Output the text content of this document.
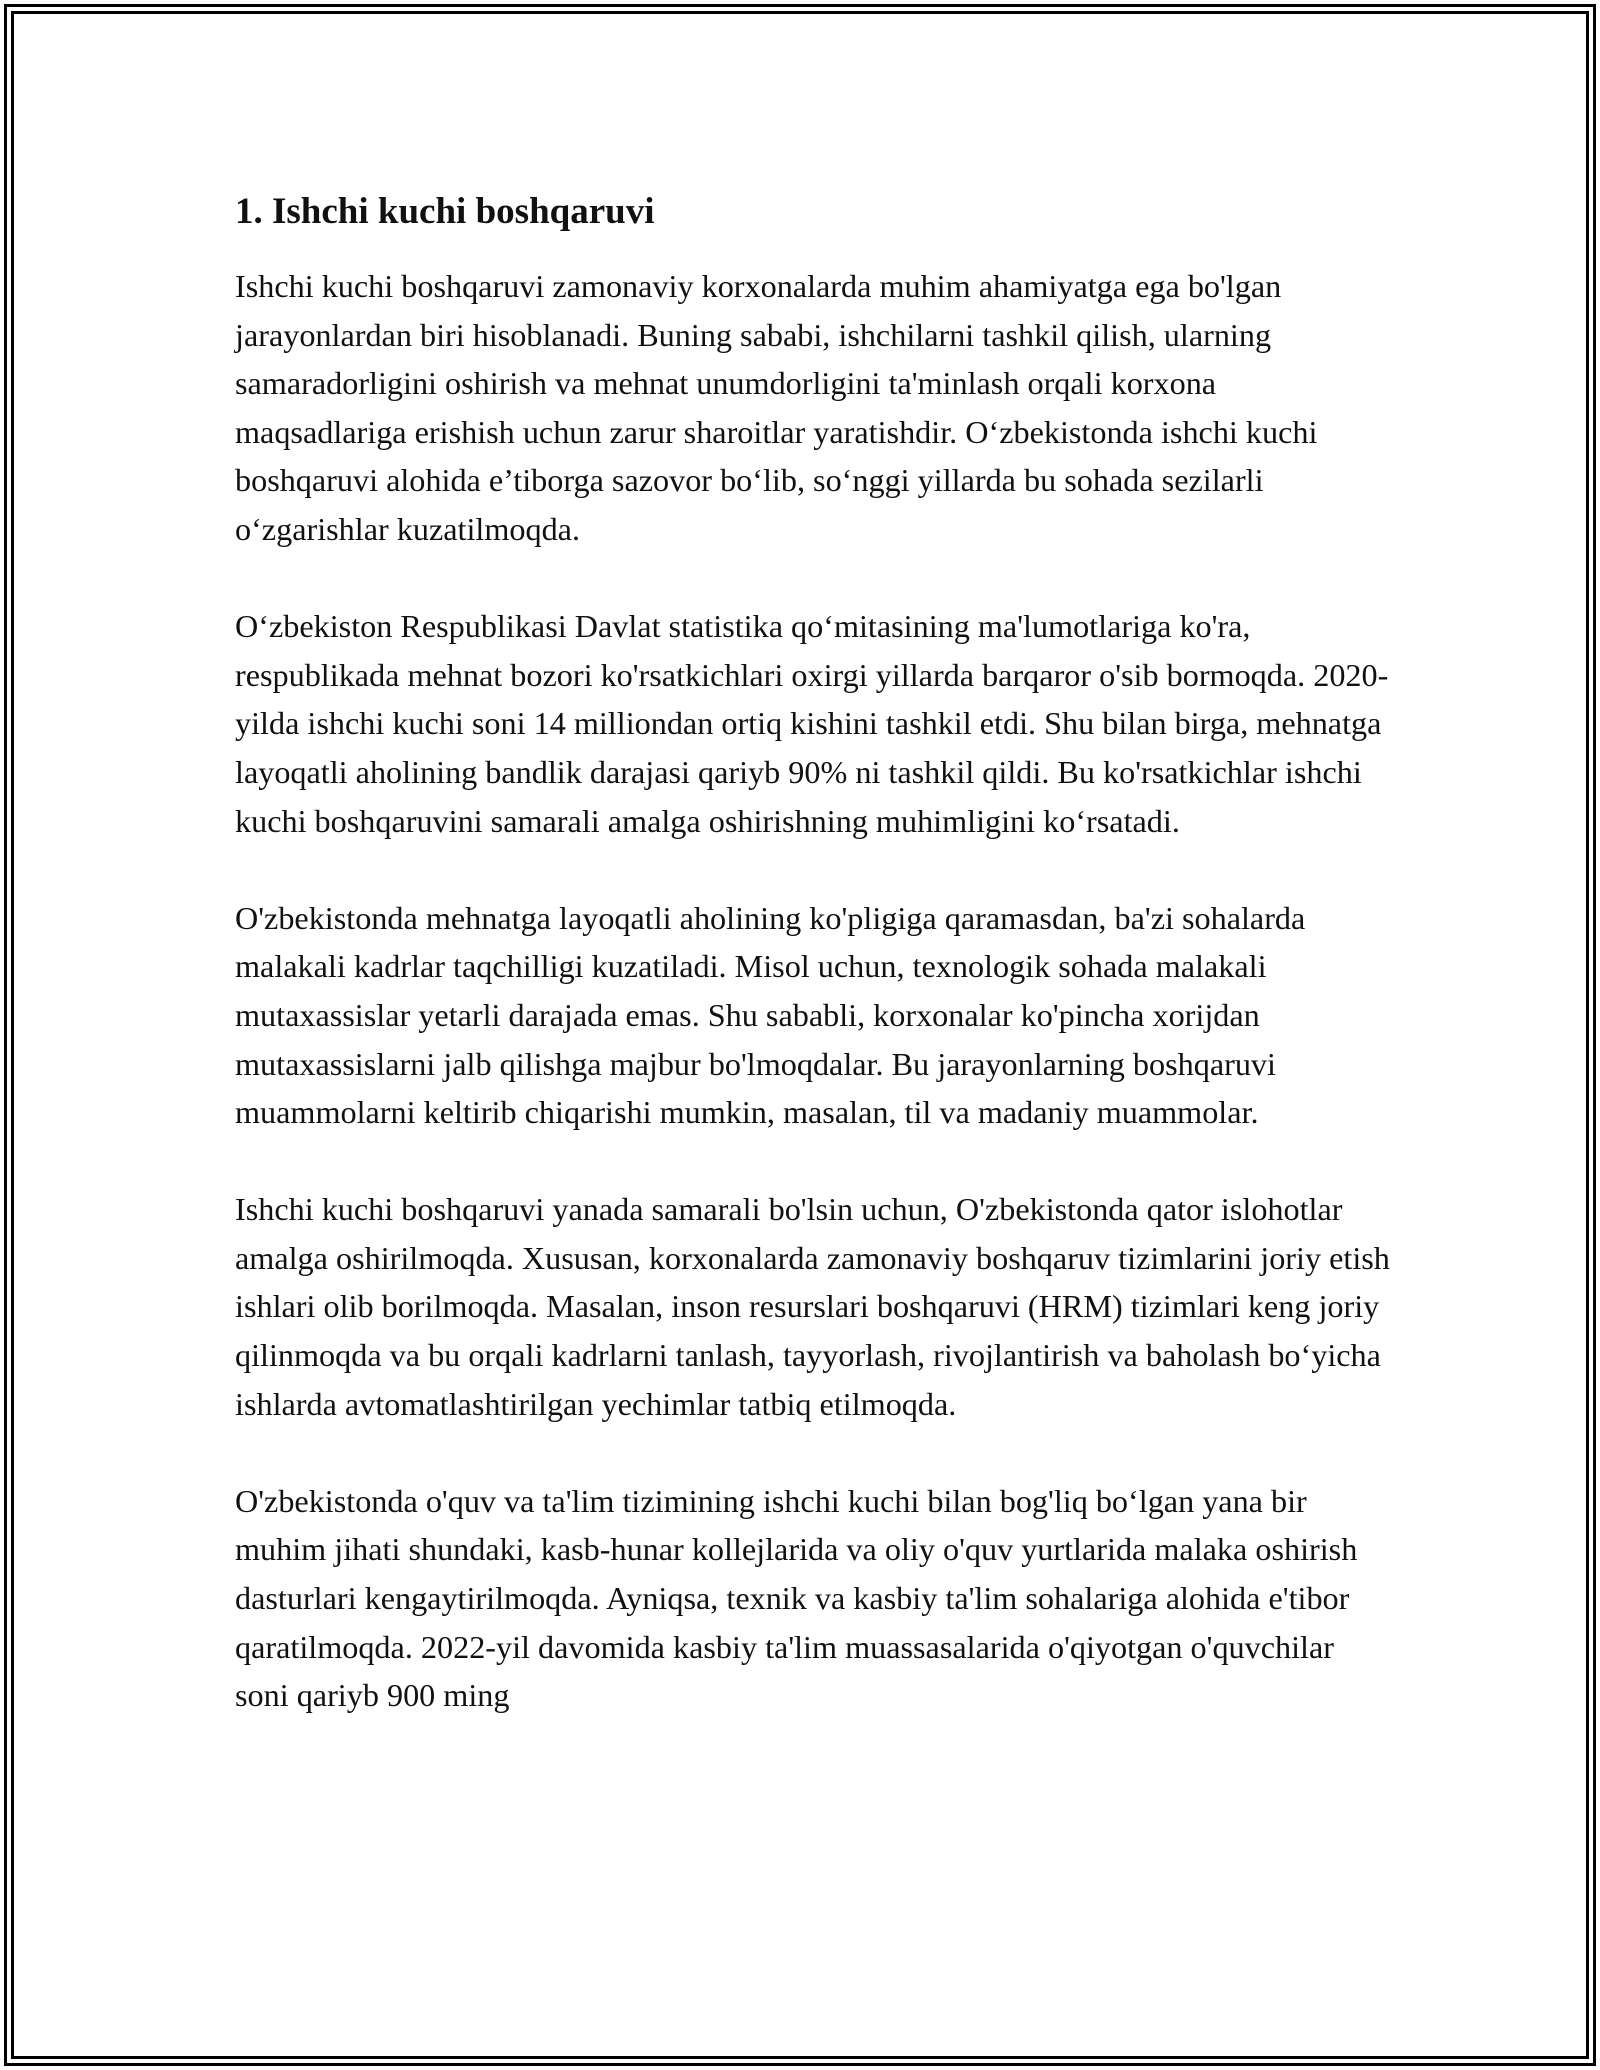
1. Ishchi kuchi boshqaruvi

Ishchi kuchi boshqaruvi zamonaviy korxonalarda muhim ahamiyatga ega bo'lgan jarayonlardan biri hisoblanadi. Buning sababi, ishchilarni tashkil qilish, ularning samaradorligini oshirish va mehnat unumdorligini ta'minlash orqali korxona maqsadlariga erishish uchun zarur sharoitlar yaratishdir. O‘zbekistonda ishchi kuchi boshqaruvi alohida e’tiborga sazovor bo‘lib, so‘nggi yillarda bu sohada sezilarli o‘zgarishlar kuzatilmoqda.

O‘zbekiston Respublikasi Davlat statistika qo‘mitasining ma'lumotlariga ko'ra, respublikada mehnat bozori ko'rsatkichlari oxirgi yillarda barqaror o'sib bormoqda. 2020-yilda ishchi kuchi soni 14 milliondan ortiq kishini tashkil etdi. Shu bilan birga, mehnatga layoqatli aholining bandlik darajasi qariyb 90% ni tashkil qildi. Bu ko'rsatkichlar ishchi kuchi boshqaruvini samarali amalga oshirishning muhimligini ko‘rsatadi.

O'zbekistonda mehnatga layoqatli aholining ko'pligiga qaramasdan, ba'zi sohalarda malakali kadrlar taqchilligi kuzatiladi. Misol uchun, texnologik sohada malakali mutaxassislar yetarli darajada emas. Shu sababli, korxonalar ko'pincha xorijdan mutaxassislarni jalb qilishga majbur bo'lmoqdalar. Bu jarayonlarning boshqaruvi muammolarni keltirib chiqarishi mumkin, masalan, til va madaniy muammolar.

Ishchi kuchi boshqaruvi yanada samarali bo'lsin uchun, O'zbekistonda qator islohotlar amalga oshirilmoqda. Xususan, korxonalarda zamonaviy boshqaruv tizimlarini joriy etish ishlari olib borilmoqda. Masalan, inson resurslari boshqaruvi (HRM) tizimlari keng joriy qilinmoqda va bu orqali kadrlarni tanlash, tayyorlash, rivojlantirish va baholash bo‘yicha ishlarda avtomatlashtirilgan yechimlar tatbiq etilmoqda.

O'zbekistonda o'quv va ta'lim tizimining ishchi kuchi bilan bog'liq bo‘lgan yana bir muhim jihati shundaki, kasb-hunar kollejlarida va oliy o'quv yurtlarida malaka oshirish dasturlari kengaytirilmoqda. Ayniqsa, texnik va kasbiy ta'lim sohalariga alohida e'tibor qaratilmoqda. 2022-yil davomida kasbiy ta'lim muassasalarida o'qiyotgan o'quvchilar soni qariyb 900 ming
